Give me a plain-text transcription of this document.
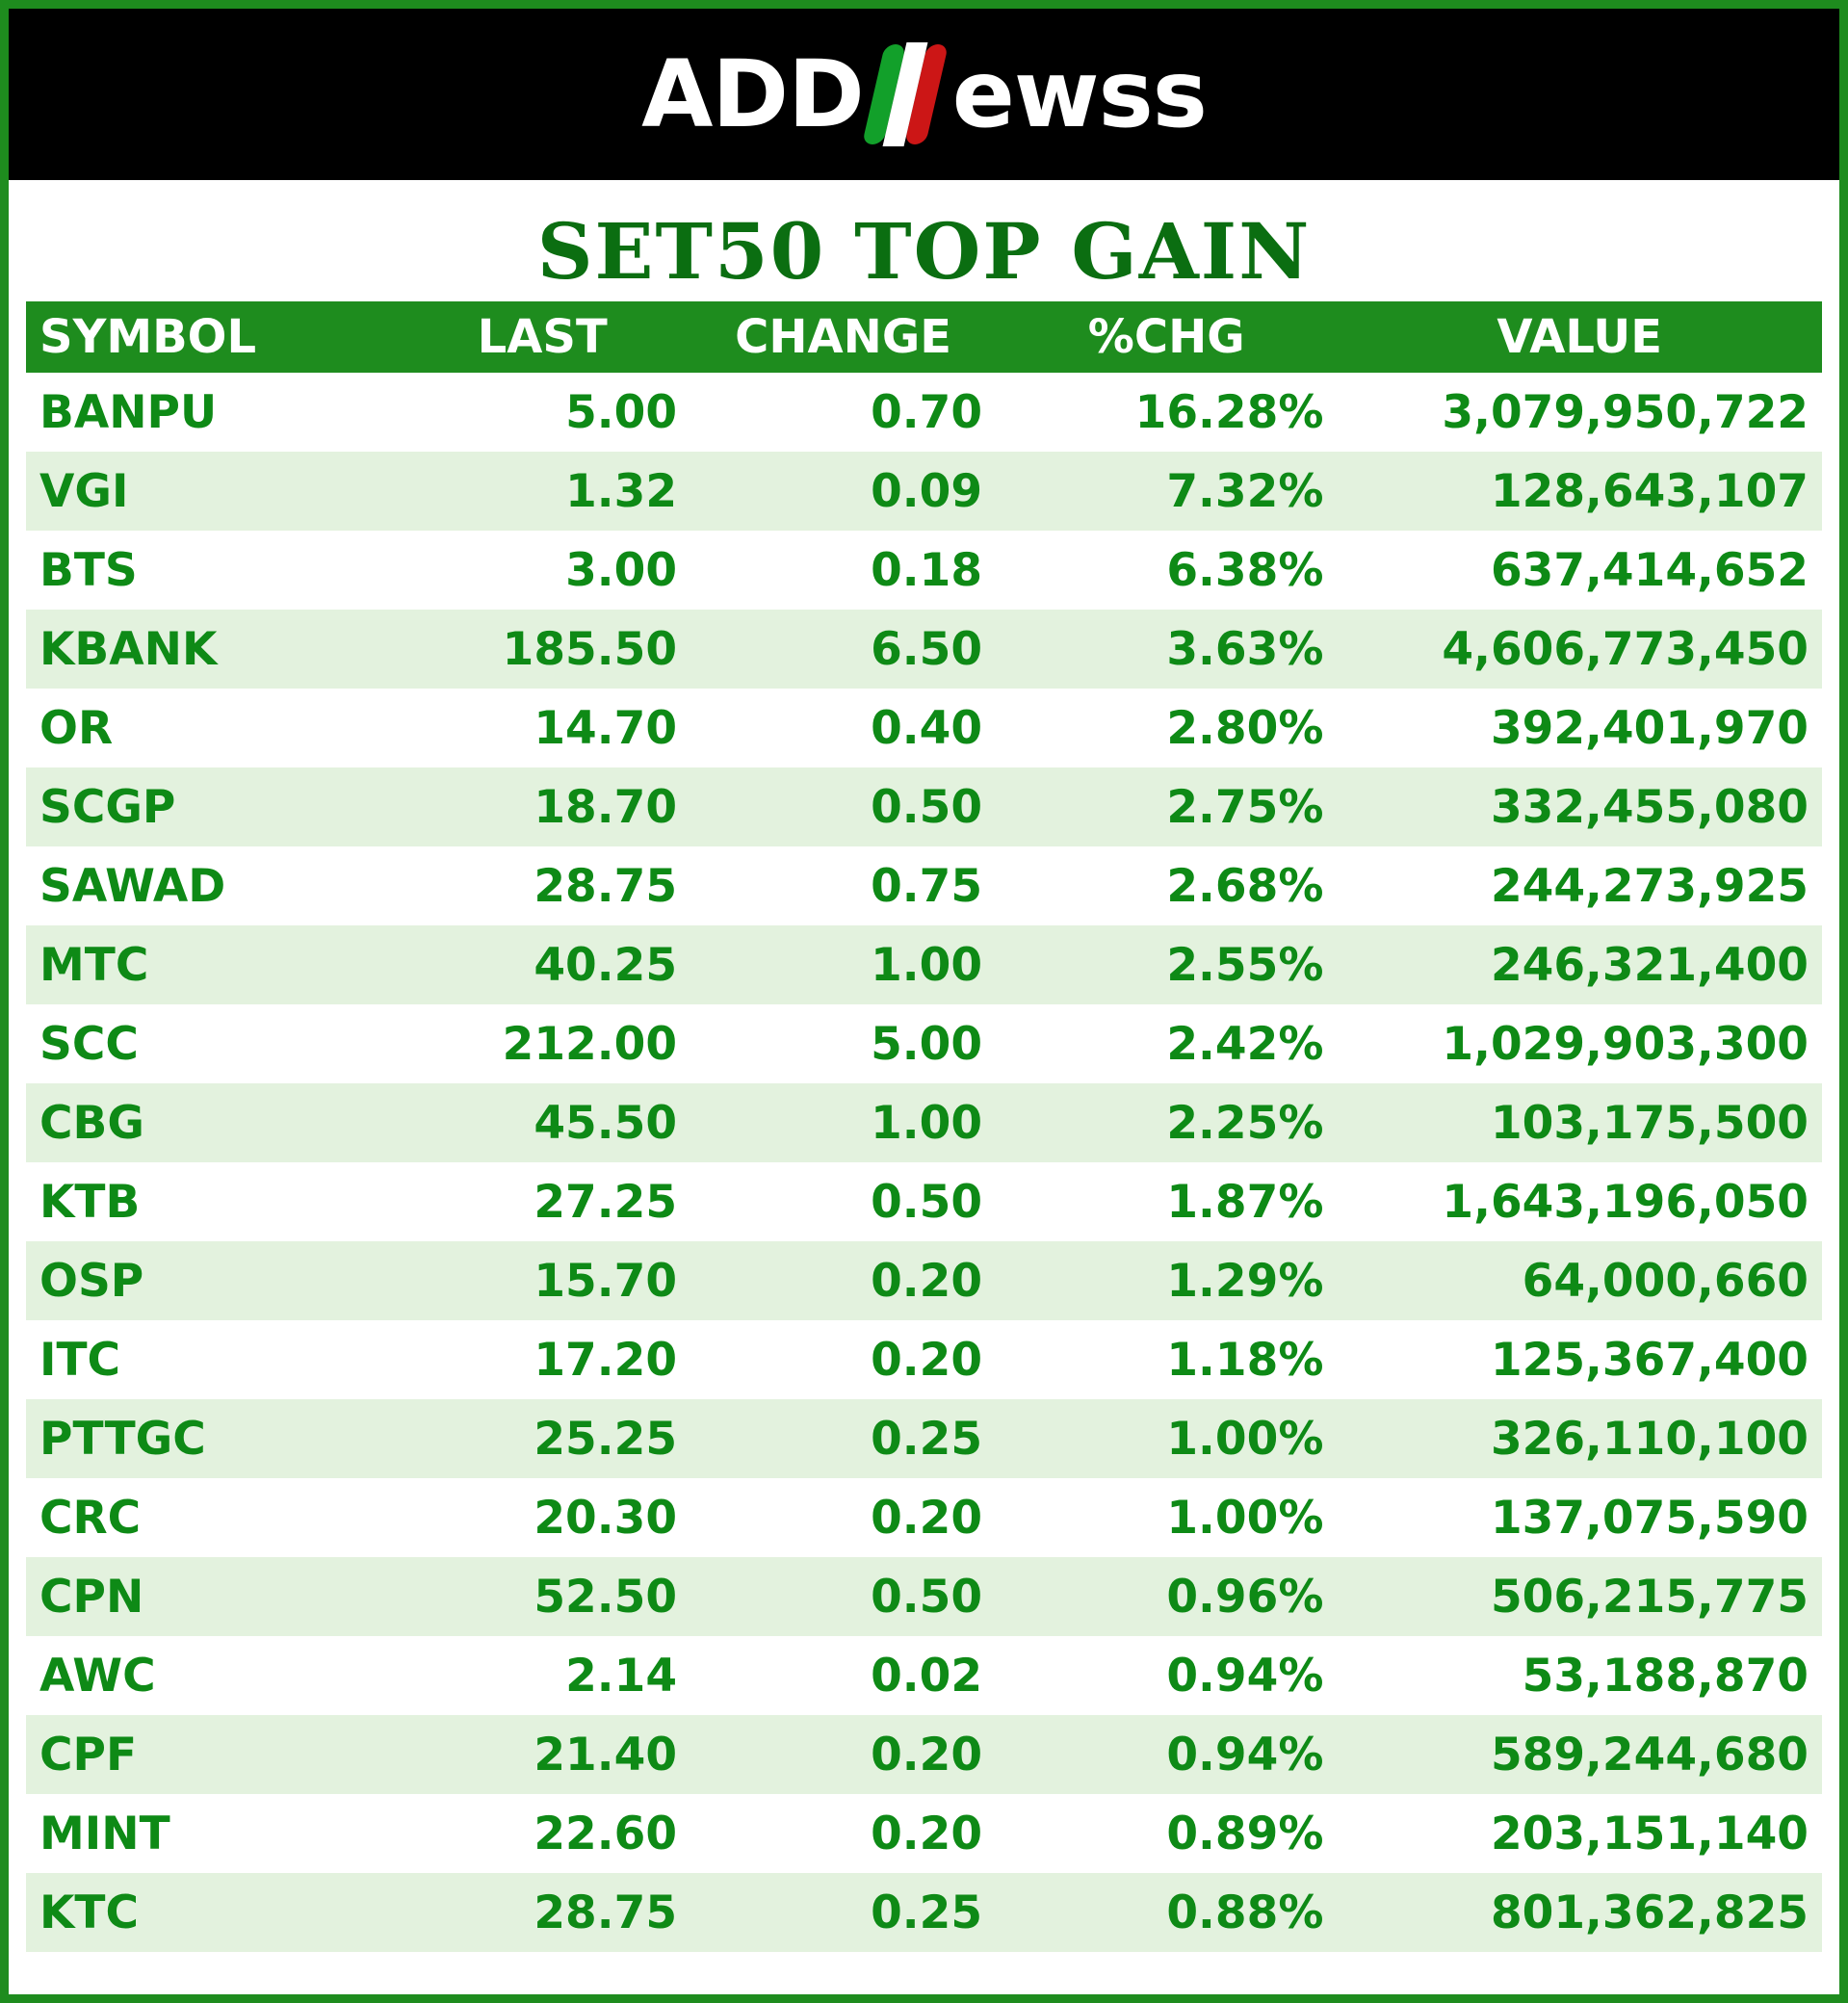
ADD ewss
SET50 TOP GAIN
SYMBOL	LAST	CHANGE	%CHG	VALUE
BANPU	5.00	0.70	16.28%	3,079,950,722
VGI	1.32	0.09	7.32%	128,643,107
BTS	3.00	0.18	6.38%	637,414,652
KBANK	185.50	6.50	3.63%	4,606,773,450
OR	14.70	0.40	2.80%	392,401,970
SCGP	18.70	0.50	2.75%	332,455,080
SAWAD	28.75	0.75	2.68%	244,273,925
MTC	40.25	1.00	2.55%	246,321,400
SCC	212.00	5.00	2.42%	1,029,903,300
CBG	45.50	1.00	2.25%	103,175,500
KTB	27.25	0.50	1.87%	1,643,196,050
OSP	15.70	0.20	1.29%	64,000,660
ITC	17.20	0.20	1.18%	125,367,400
PTTGC	25.25	0.25	1.00%	326,110,100
CRC	20.30	0.20	1.00%	137,075,590
CPN	52.50	0.50	0.96%	506,215,775
AWC	2.14	0.02	0.94%	53,188,870
CPF	21.40	0.20	0.94%	589,244,680
MINT	22.60	0.20	0.89%	203,151,140
KTC	28.75	0.25	0.88%	801,362,825
